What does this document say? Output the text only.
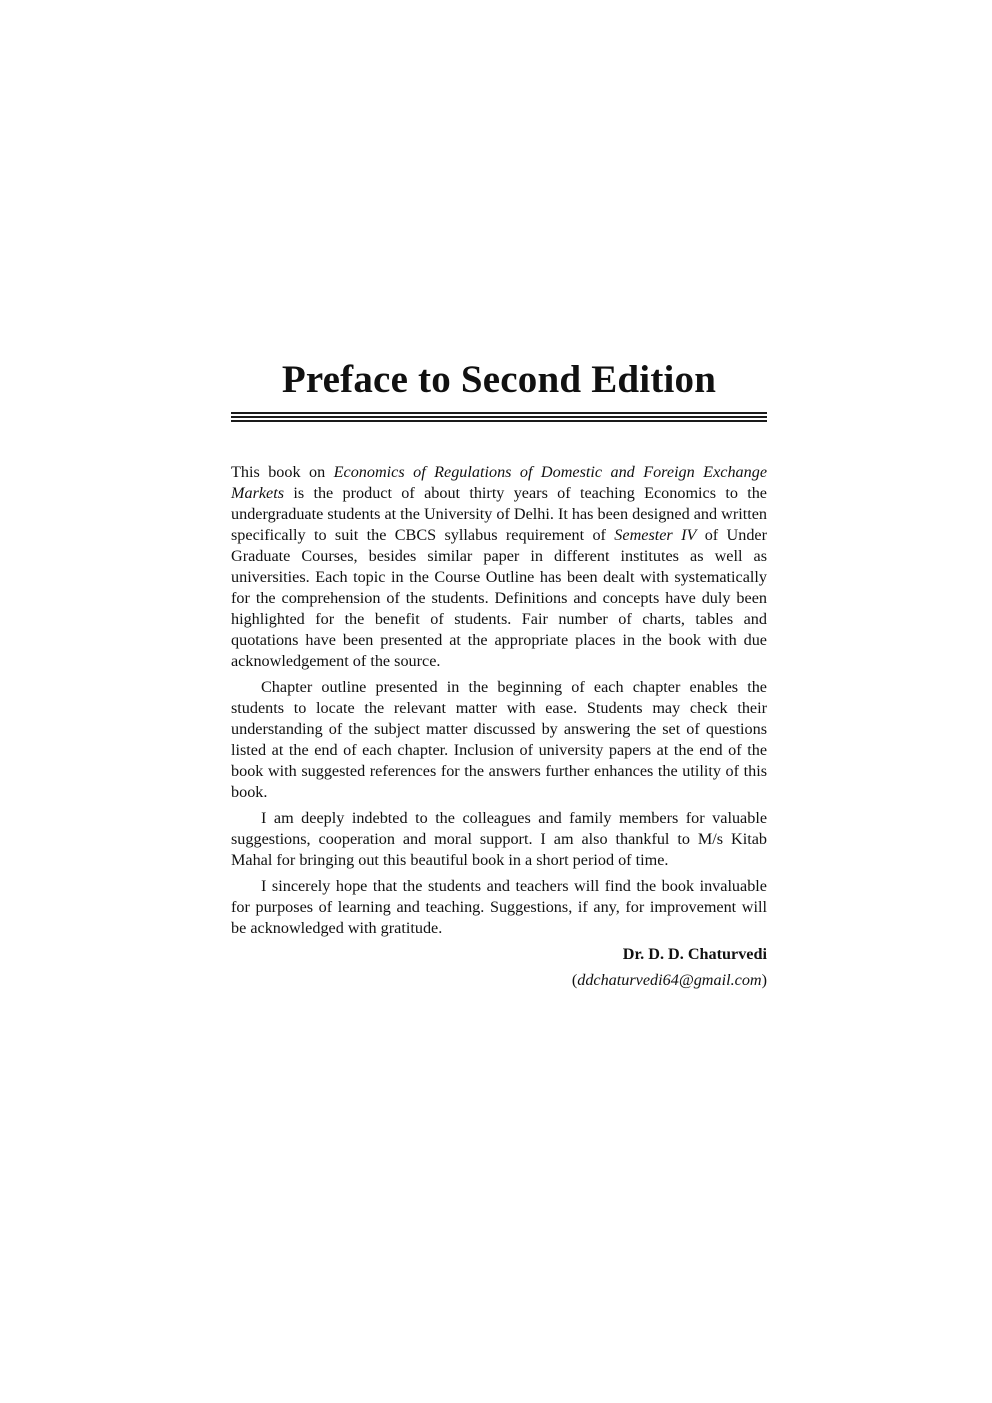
Preface to Second Edition

This book on Economics of Regulations of Domestic and Foreign Exchange Markets is the product of about thirty years of teaching Economics to the undergraduate students at the University of Delhi. It has been designed and written specifically to suit the CBCS syllabus requirement of Semester IV of Under Graduate Courses, besides similar paper in different institutes as well as universities. Each topic in the Course Outline has been dealt with systematically for the comprehension of the students. Definitions and concepts have duly been highlighted for the benefit of students. Fair number of charts, tables and quotations have been presented at the appropriate places in the book with due acknowledgement of the source.

Chapter outline presented in the beginning of each chapter enables the students to locate the relevant matter with ease. Students may check their understanding of the subject matter discussed by answering the set of questions listed at the end of each chapter. Inclusion of university papers at the end of the book with suggested references for the answers further enhances the utility of this book.

I am deeply indebted to the colleagues and family members for valuable suggestions, cooperation and moral support. I am also thankful to M/s Kitab Mahal for bringing out this beautiful book in a short period of time.

I sincerely hope that the students and teachers will find the book invaluable for purposes of learning and teaching. Suggestions, if any, for improvement will be acknowledged with gratitude.

Dr. D. D. Chaturvedi
(ddchaturvedi64@gmail.com)
